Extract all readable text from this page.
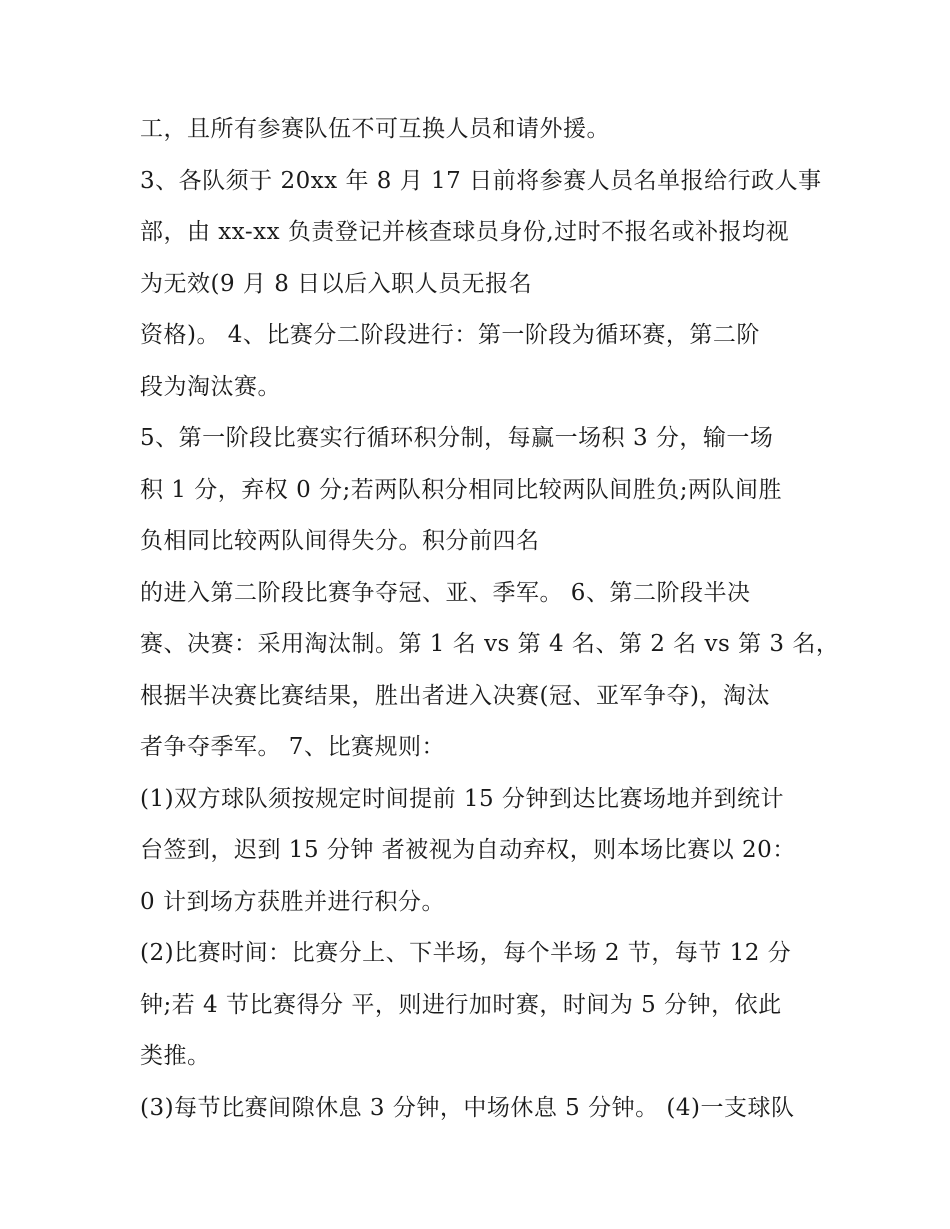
工，且所有参赛队伍不可互换人员和请外援。
3、各队须于 20xx 年 8 月 17 日前将参赛人员名单报给行政人事
部，由 xx-xx 负责登记并核查球员身份,过时不报名或补报均视
为无效(9 月 8 日以后入职人员无报名
资格)。 4、比赛分二阶段进行：第一阶段为循环赛，第二阶
段为淘汰赛。
5、第一阶段比赛实行循环积分制，每赢一场积 3 分，输一场
积 1 分，弃权 0 分;若两队积分相同比较两队间胜负;两队间胜
负相同比较两队间得失分。积分前四名
的进入第二阶段比赛争夺冠、亚、季军。 6、第二阶段半决
赛、决赛：采用淘汰制。第 1 名 vs 第 4 名、第 2 名 vs 第 3 名，
根据半决赛比赛结果，胜出者进入决赛(冠、亚军争夺)，淘汰
者争夺季军。 7、比赛规则：
(1)双方球队须按规定时间提前 15 分钟到达比赛场地并到统计
台签到，迟到 15 分钟 者被视为自动弃权，则本场比赛以 20：
0 计到场方获胜并进行积分。
(2)比赛时间：比赛分上、下半场，每个半场 2 节，每节 12 分
钟;若 4 节比赛得分 平，则进行加时赛，时间为 5 分钟，依此
类推。
(3)每节比赛间隙休息 3 分钟，中场休息 5 分钟。 (4)一支球队
